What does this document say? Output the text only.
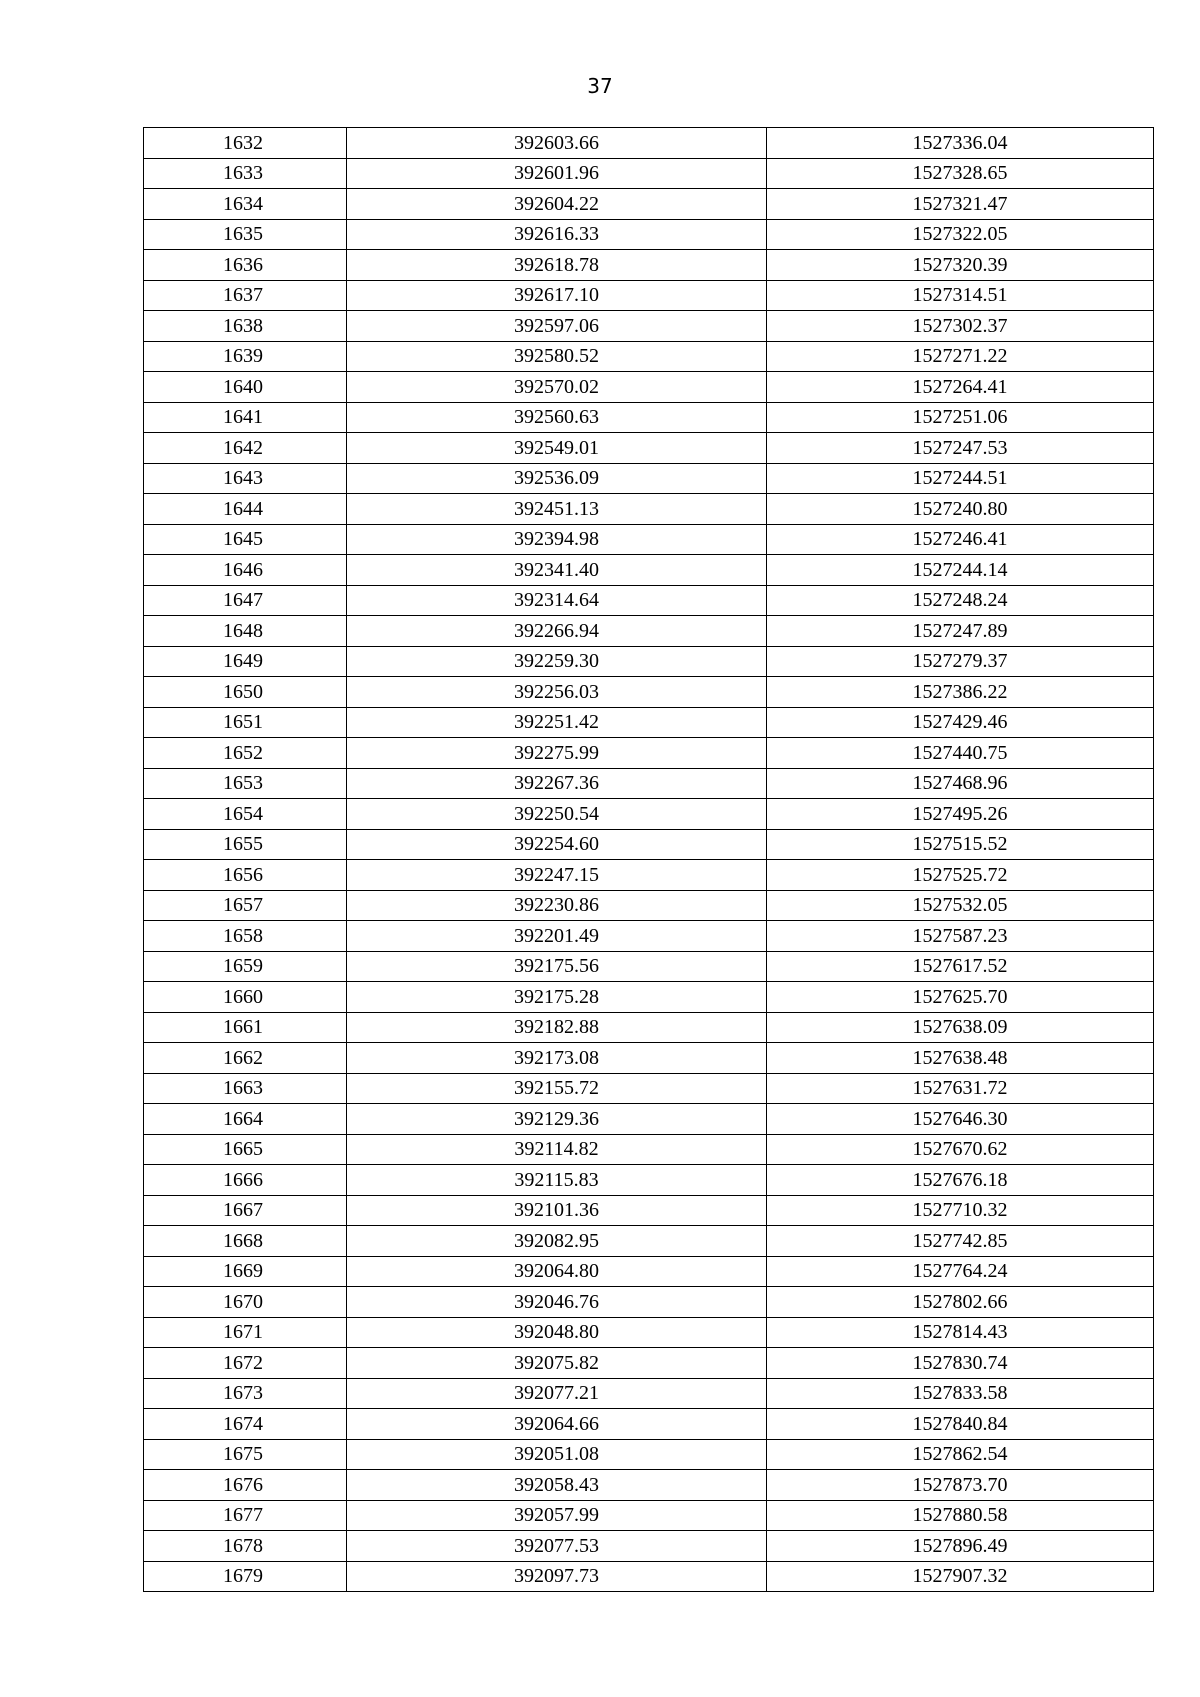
37
1632	392603.66	1527336.04
1633	392601.96	1527328.65
1634	392604.22	1527321.47
1635	392616.33	1527322.05
1636	392618.78	1527320.39
1637	392617.10	1527314.51
1638	392597.06	1527302.37
1639	392580.52	1527271.22
1640	392570.02	1527264.41
1641	392560.63	1527251.06
1642	392549.01	1527247.53
1643	392536.09	1527244.51
1644	392451.13	1527240.80
1645	392394.98	1527246.41
1646	392341.40	1527244.14
1647	392314.64	1527248.24
1648	392266.94	1527247.89
1649	392259.30	1527279.37
1650	392256.03	1527386.22
1651	392251.42	1527429.46
1652	392275.99	1527440.75
1653	392267.36	1527468.96
1654	392250.54	1527495.26
1655	392254.60	1527515.52
1656	392247.15	1527525.72
1657	392230.86	1527532.05
1658	392201.49	1527587.23
1659	392175.56	1527617.52
1660	392175.28	1527625.70
1661	392182.88	1527638.09
1662	392173.08	1527638.48
1663	392155.72	1527631.72
1664	392129.36	1527646.30
1665	392114.82	1527670.62
1666	392115.83	1527676.18
1667	392101.36	1527710.32
1668	392082.95	1527742.85
1669	392064.80	1527764.24
1670	392046.76	1527802.66
1671	392048.80	1527814.43
1672	392075.82	1527830.74
1673	392077.21	1527833.58
1674	392064.66	1527840.84
1675	392051.08	1527862.54
1676	392058.43	1527873.70
1677	392057.99	1527880.58
1678	392077.53	1527896.49
1679	392097.73	1527907.32
